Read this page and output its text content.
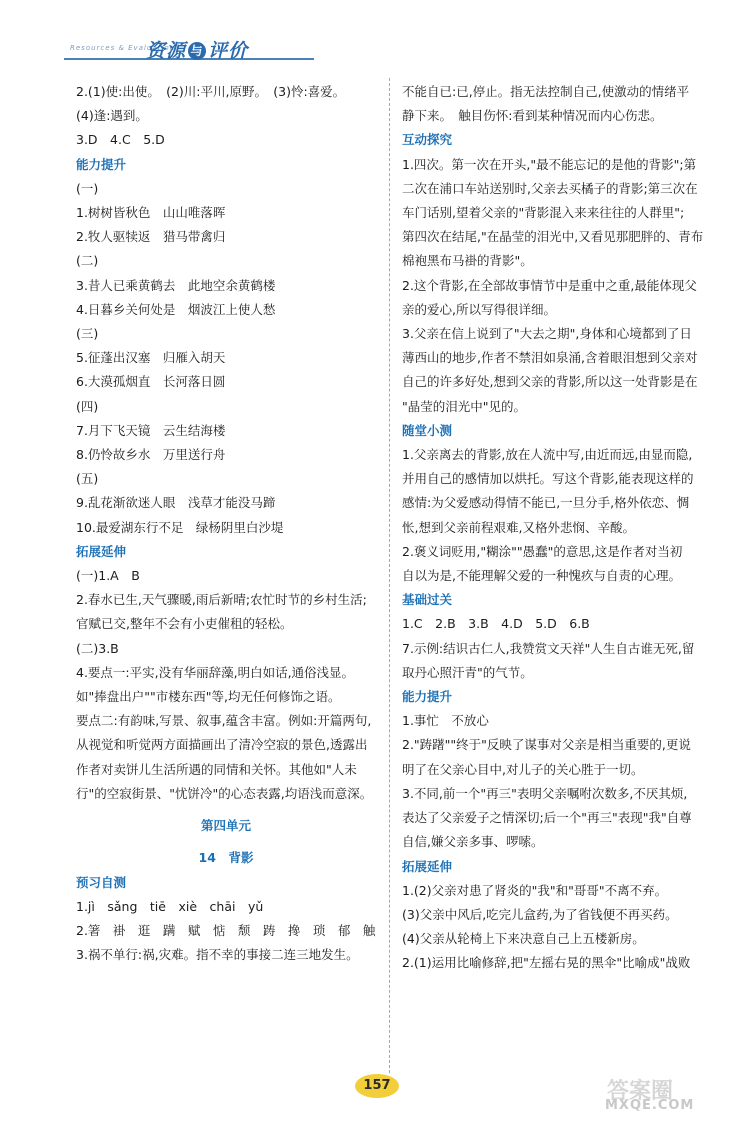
Resources & Evaluation
资源 与 评价

2.(1)使:出使。　(2)川:平川,原野。　(3)怜:喜爱。

(4)逢:遇到。

3.D　4.C　5.D

能力提升

(一)

1.树树皆秋色　山山唯落晖

2.牧人驱犊返　猎马带禽归

(二)

3.昔人已乘黄鹤去　此地空余黄鹤楼

4.日暮乡关何处是　烟波江上使人愁

(三)

5.征蓬出汉塞　归雁入胡天

6.大漠孤烟直　长河落日圆

(四)

7.月下飞天镜　云生结海楼

8.仍怜故乡水　万里送行舟

(五)

9.乱花渐欲迷人眼　浅草才能没马蹄

10.最爱湖东行不足　绿杨阴里白沙堤

拓展延伸

(一)1.A　B

2.春水已生,天气骤暖,雨后新晴;农忙时节的乡村生活;

官赋已交,整年不会有小吏催租的轻松。

(二)3.B

4.要点一:平实,没有华丽辞藻,明白如话,通俗浅显。

如"捧盘出户""市楼东西"等,均无任何修饰之语。

要点二:有韵味,写景、叙事,蕴含丰富。例如:开篇两句,

从视觉和听觉两方面描画出了清冷空寂的景色,透露出

作者对卖饼儿生活所遇的同情和关怀。其他如"人未

行"的空寂街景、"忧饼冷"的心态表露,均语浅而意深。

第四单元

14　背影

预习自测

1.jì　sǎng　tiē　xiè　chāi　yǔ

2.箸　褂　逛　蹒　赋　惦　颓　踌　搀　琐　郁　触

3.祸不单行:祸,灾难。指不幸的事接二连三地发生。

不能自已:已,停止。指无法控制自己,使激动的情绪平

静下来。　触目伤怀:看到某种情况而内心伤悲。

互动探究

1.四次。第一次在开头,"最不能忘记的是他的背影";第

二次在浦口车站送别时,父亲去买橘子的背影;第三次在

车门话别,望着父亲的"背影混入来来往往的人群里";

第四次在结尾,"在晶莹的泪光中,又看见那肥胖的、青布

棉袍黑布马褂的背影"。

2.这个背影,在全部故事情节中是重中之重,最能体现父

亲的爱心,所以写得很详细。

3.父亲在信上说到了"大去之期",身体和心境都到了日

薄西山的地步,作者不禁泪如泉涌,含着眼泪想到父亲对

自己的许多好处,想到父亲的背影,所以这一处背影是在

"晶莹的泪光中"见的。

随堂小测

1.父亲离去的背影,放在人流中写,由近而远,由显而隐,

并用自己的感情加以烘托。写这个背影,能表现这样的

感情:为父爱感动得情不能已,一旦分手,格外依恋、惆

怅,想到父亲前程艰难,又格外悲悯、辛酸。

2.褒义词贬用,"糊涂""愚蠢"的意思,这是作者对当初

自以为是,不能理解父爱的一种愧疚与自责的心理。

基础过关

1.C　2.B　3.B　4.D　5.D　6.B

7.示例:结识古仁人,我赞赏文天祥"人生自古谁无死,留

取丹心照汗青"的气节。

能力提升

1.事忙　不放心

2."踌躇""终于"反映了谋事对父亲是相当重要的,更说

明了在父亲心目中,对儿子的关心胜于一切。

3.不同,前一个"再三"表明父亲嘱咐次数多,不厌其烦,

表达了父亲爱子之情深切;后一个"再三"表现"我"自尊

自信,嫌父亲多事、啰嗦。

拓展延伸

1.(2)父亲对患了肾炎的"我"和"哥哥"不离不弃。

(3)父亲中风后,吃完儿盒药,为了省钱便不再买药。

(4)父亲从轮椅上下来决意自己上五楼新房。

2.(1)运用比喻修辞,把"左摇右晃的黑伞"比喻成"战败

157	答案圈
MXQE.COM
